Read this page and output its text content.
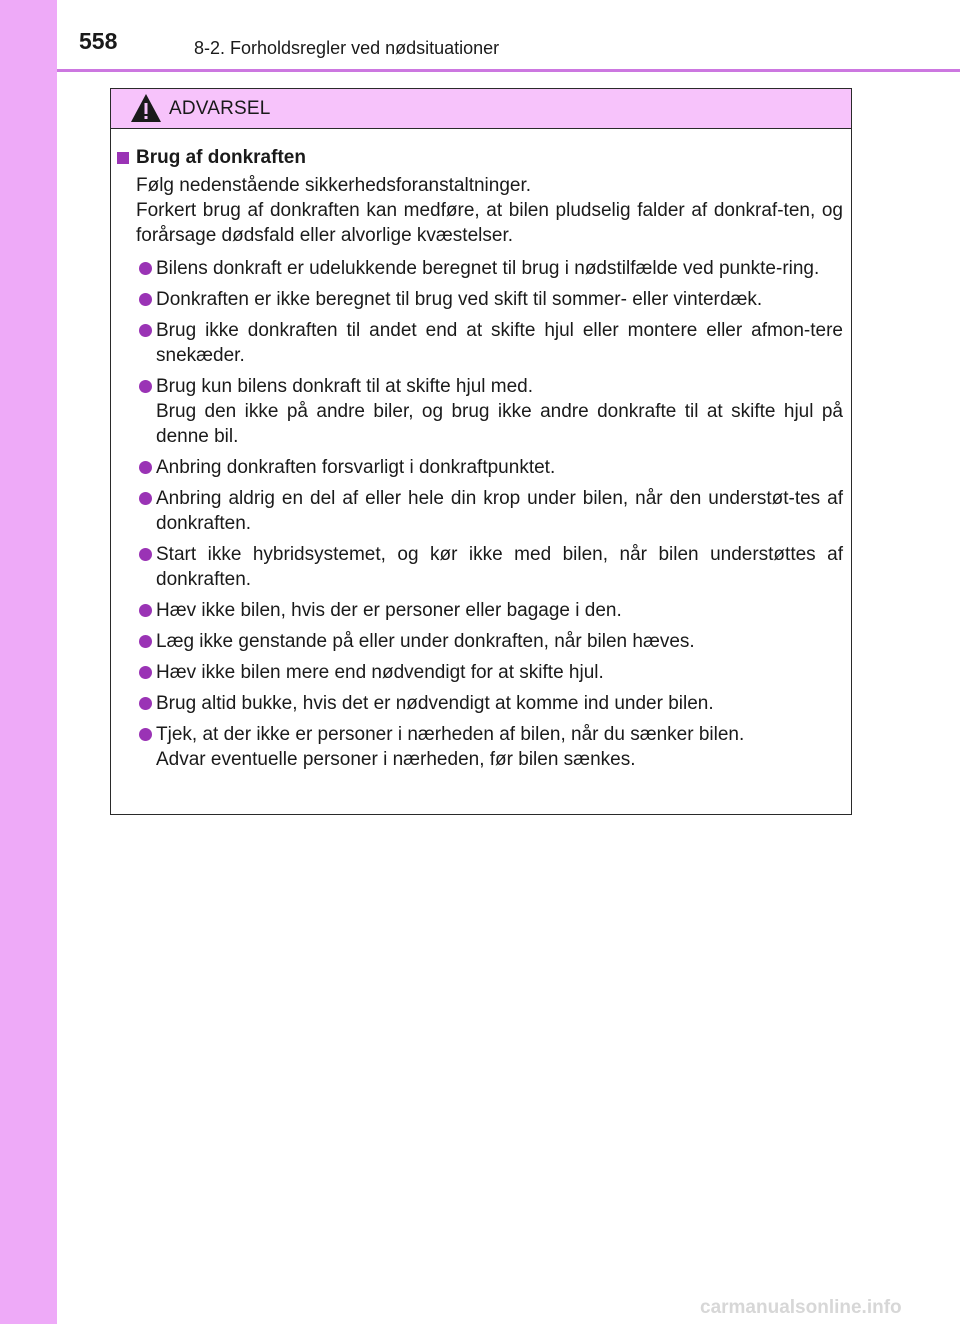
558	8-2. Forholdsregler ved nødsituationer
ADVARSEL
Brug af donkraften
Følg nedenstående sikkerhedsforanstaltninger.
Forkert brug af donkraften kan medføre, at bilen pludselig falder af donkraf-ten, og forårsage dødsfald eller alvorlige kvæstelser.
Bilens donkraft er udelukkende beregnet til brug i nødstilfælde ved punkte-ring.
Donkraften er ikke beregnet til brug ved skift til sommer- eller vinterdæk.
Brug ikke donkraften til andet end at skifte hjul eller montere eller afmon-tere snekæder.
Brug kun bilens donkraft til at skifte hjul med.
Brug den ikke på andre biler, og brug ikke andre donkrafte til at skifte hjul på denne bil.
Anbring donkraften forsvarligt i donkraftpunktet.
Anbring aldrig en del af eller hele din krop under bilen, når den understøt-tes af donkraften.
Start ikke hybridsystemet, og kør ikke med bilen, når bilen understøttes af donkraften.
Hæv ikke bilen, hvis der er personer eller bagage i den.
Læg ikke genstande på eller under donkraften, når bilen hæves.
Hæv ikke bilen mere end nødvendigt for at skifte hjul.
Brug altid bukke, hvis det er nødvendigt at komme ind under bilen.
Tjek, at der ikke er personer i nærheden af bilen, når du sænker bilen.
Advar eventuelle personer i nærheden, før bilen sænkes.
carmanualsonline.info
